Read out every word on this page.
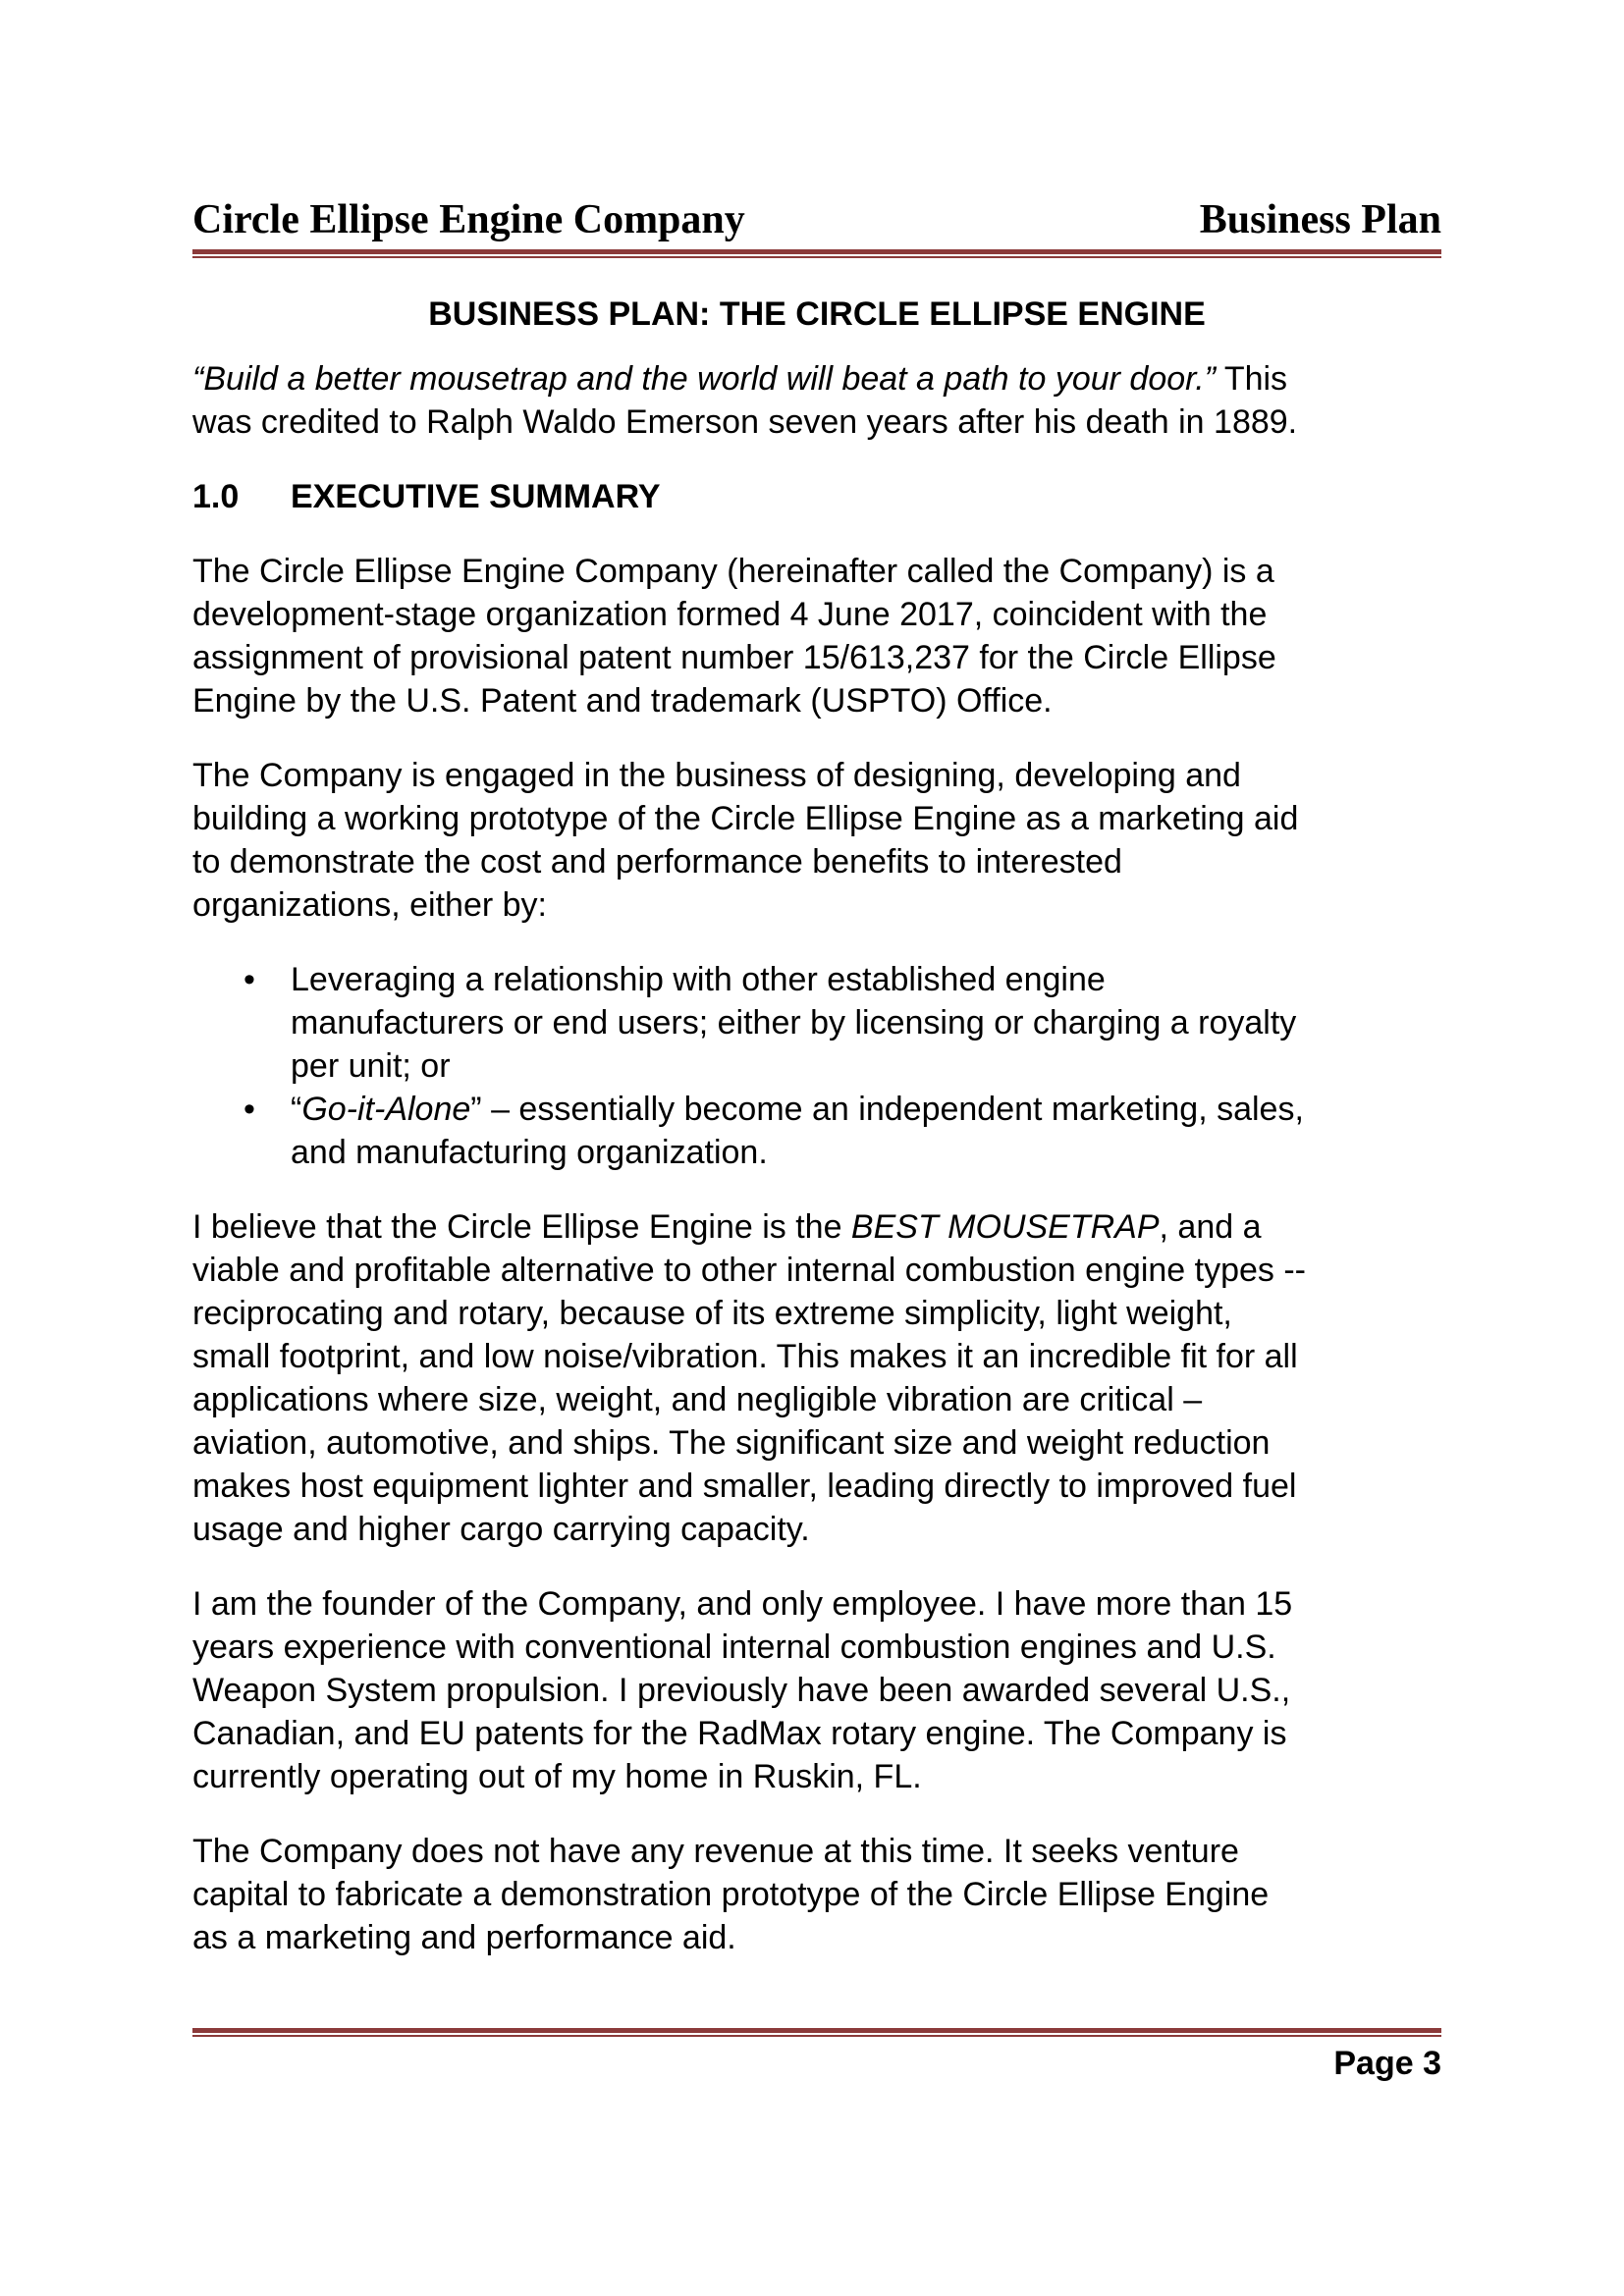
Circle Ellipse Engine Company	Business Plan
BUSINESS PLAN: THE CIRCLE ELLIPSE ENGINE

“Build a better mousetrap and the world will beat a path to your door.” This
was credited to Ralph Waldo Emerson seven years after his death in 1889.

1.0 EXECUTIVE SUMMARY

The Circle Ellipse Engine Company (hereinafter called the Company) is a
development-stage organization formed 4 June 2017, coincident with the
assignment of provisional patent number 15/613,237 for the Circle Ellipse
Engine by the U.S. Patent and trademark (USPTO) Office.

The Company is engaged in the business of designing, developing and
building a working prototype of the Circle Ellipse Engine as a marketing aid
to demonstrate the cost and performance benefits to interested
organizations, either by:

• Leveraging a relationship with other established engine
manufacturers or end users; either by licensing or charging a royalty
per unit; or
• “Go-it-Alone” – essentially become an independent marketing, sales,
and manufacturing organization.

I believe that the Circle Ellipse Engine is the BEST MOUSETRAP, and a
viable and profitable alternative to other internal combustion engine types --
reciprocating and rotary, because of its extreme simplicity, light weight,
small footprint, and low noise/vibration. This makes it an incredible fit for all
applications where size, weight, and negligible vibration are critical –
aviation, automotive, and ships. The significant size and weight reduction
makes host equipment lighter and smaller, leading directly to improved fuel
usage and higher cargo carrying capacity.

I am the founder of the Company, and only employee. I have more than 15
years experience with conventional internal combustion engines and U.S.
Weapon System propulsion. I previously have been awarded several U.S.,
Canadian, and EU patents for the RadMax rotary engine. The Company is
currently operating out of my home in Ruskin, FL.

The Company does not have any revenue at this time. It seeks venture
capital to fabricate a demonstration prototype of the Circle Ellipse Engine
as a marketing and performance aid.

Page 3
